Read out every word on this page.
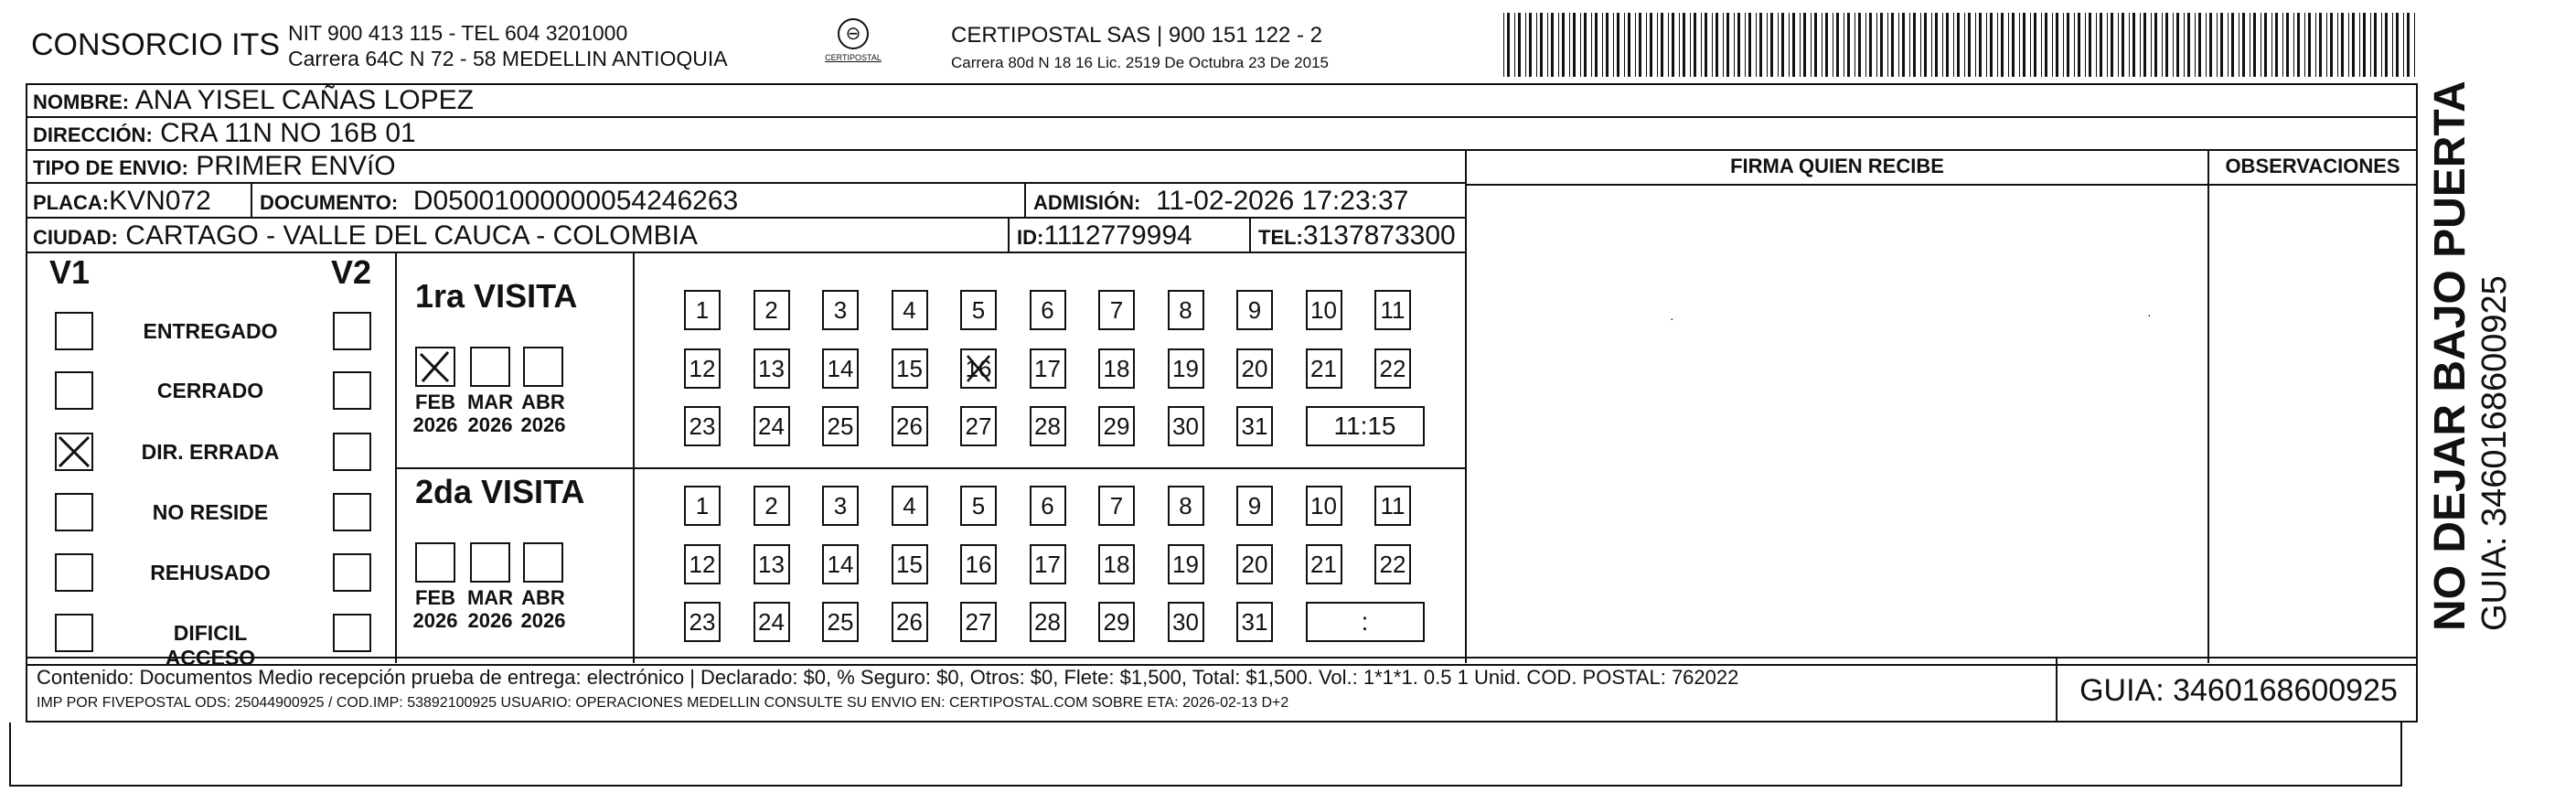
CONSORCIO ITS NIT 900 413 115 - TEL 604 3201000
Carrera 64C N 72 - 58 MEDELLIN ANTIOQUIA
⊖
CERTIPOSTAL
CERTIPOSTAL SAS | 900 151 122 - 2
Carrera 80d N 18 16 Lic. 2519 De Octubra 23 De 2015
NOMBRE: ANA YISEL CAÑAS LOPEZ
DIRECCIÓN: CRA 11N NO 16B 01
TIPO DE ENVIO: PRIMER ENVíO
PLACA:KVN072 DOCUMENTO: D05001000000054246263	ADMISIÓN: 11-02-2026 17:23:37
CIUDAD: CARTAGO - VALLE DEL CAUCA - COLOMBIA	ID:1112779994	TEL:3137873300
FIRMA QUIEN RECIBE	OBSERVACIONES
·	·
V1	V2
1ra VISITA
2da VISITA
ENTREGADO
CERRADO
DIR. ERRADA
NO RESIDE
REHUSADO
DIFICIL ACCESO
FEB
2026
MAR
2026
ABR
2026
1	2	3	4	5	6	7	8	9	10 11
12 13 14 15 16 17 18 19 20 21 22
23 24 25 26 27 28 29 30 31	11:15
FEB
2026
MAR
2026
ABR
2026
1	2	3	4	5	6	7	8	9	10 11
12 13 14 15 16 17 18 19 20 21 22
23 24 25 26 27 28 29 30 31	:
Contenido: Documentos Medio recepción prueba de entrega: electrónico | Declarado: $0, % Seguro: $0, Otros: $0, Flete: $1,500, Total: $1,500. Vol.: 1*1*1. 0.5 1 Unid. COD. POSTAL: 762022
IMP POR FIVEPOSTAL ODS: 25044900925 / COD.IMP: 53892100925 USUARIO: OPERACIONES MEDELLIN CONSULTE SU ENVIO EN: CERTIPOSTAL.COM SOBRE ETA: 2026-02-13 D+2	GUIA: 3460168600925
NO DEJAR BAJO PUERTA GUIA: 3460168600925
